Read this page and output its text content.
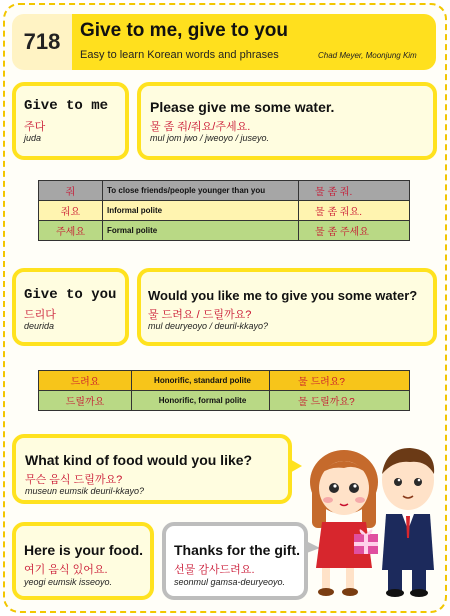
718	Give to me, give to you
Easy to learn Korean words and phrases	Chad Meyer, Moonjung Kim
Give to me
주다
juda
Please give me some water.
물 좀 줘/줘요/주세요.
mul jom jwo / jweoyo / juseyo.
줘	To close friends/people younger than you	물 좀 줘.
줘요	Informal polite	물 좀 줘요.
주세요	Formal polite	물 좀 주세요
Give to you
드리다
deurida
Would you like me to give you some water?
물 드려요 / 드릴까요?
mul deuryeoyo / deuril-kkayo?
드려요	Honorific, standard polite	물 드려요?
드릴까요	Honorific, formal polite	물 드릴까요?
What kind of food would you like?
무슨 음식 드릴까요?
museun eumsik deuril-kkayo?
Here is your food.
여기 음식 있어요.
yeogi eumsik isseoyo.
Thanks for the gift.
선물 감사드려요.
seonmul gamsa-deuryeoyo.
